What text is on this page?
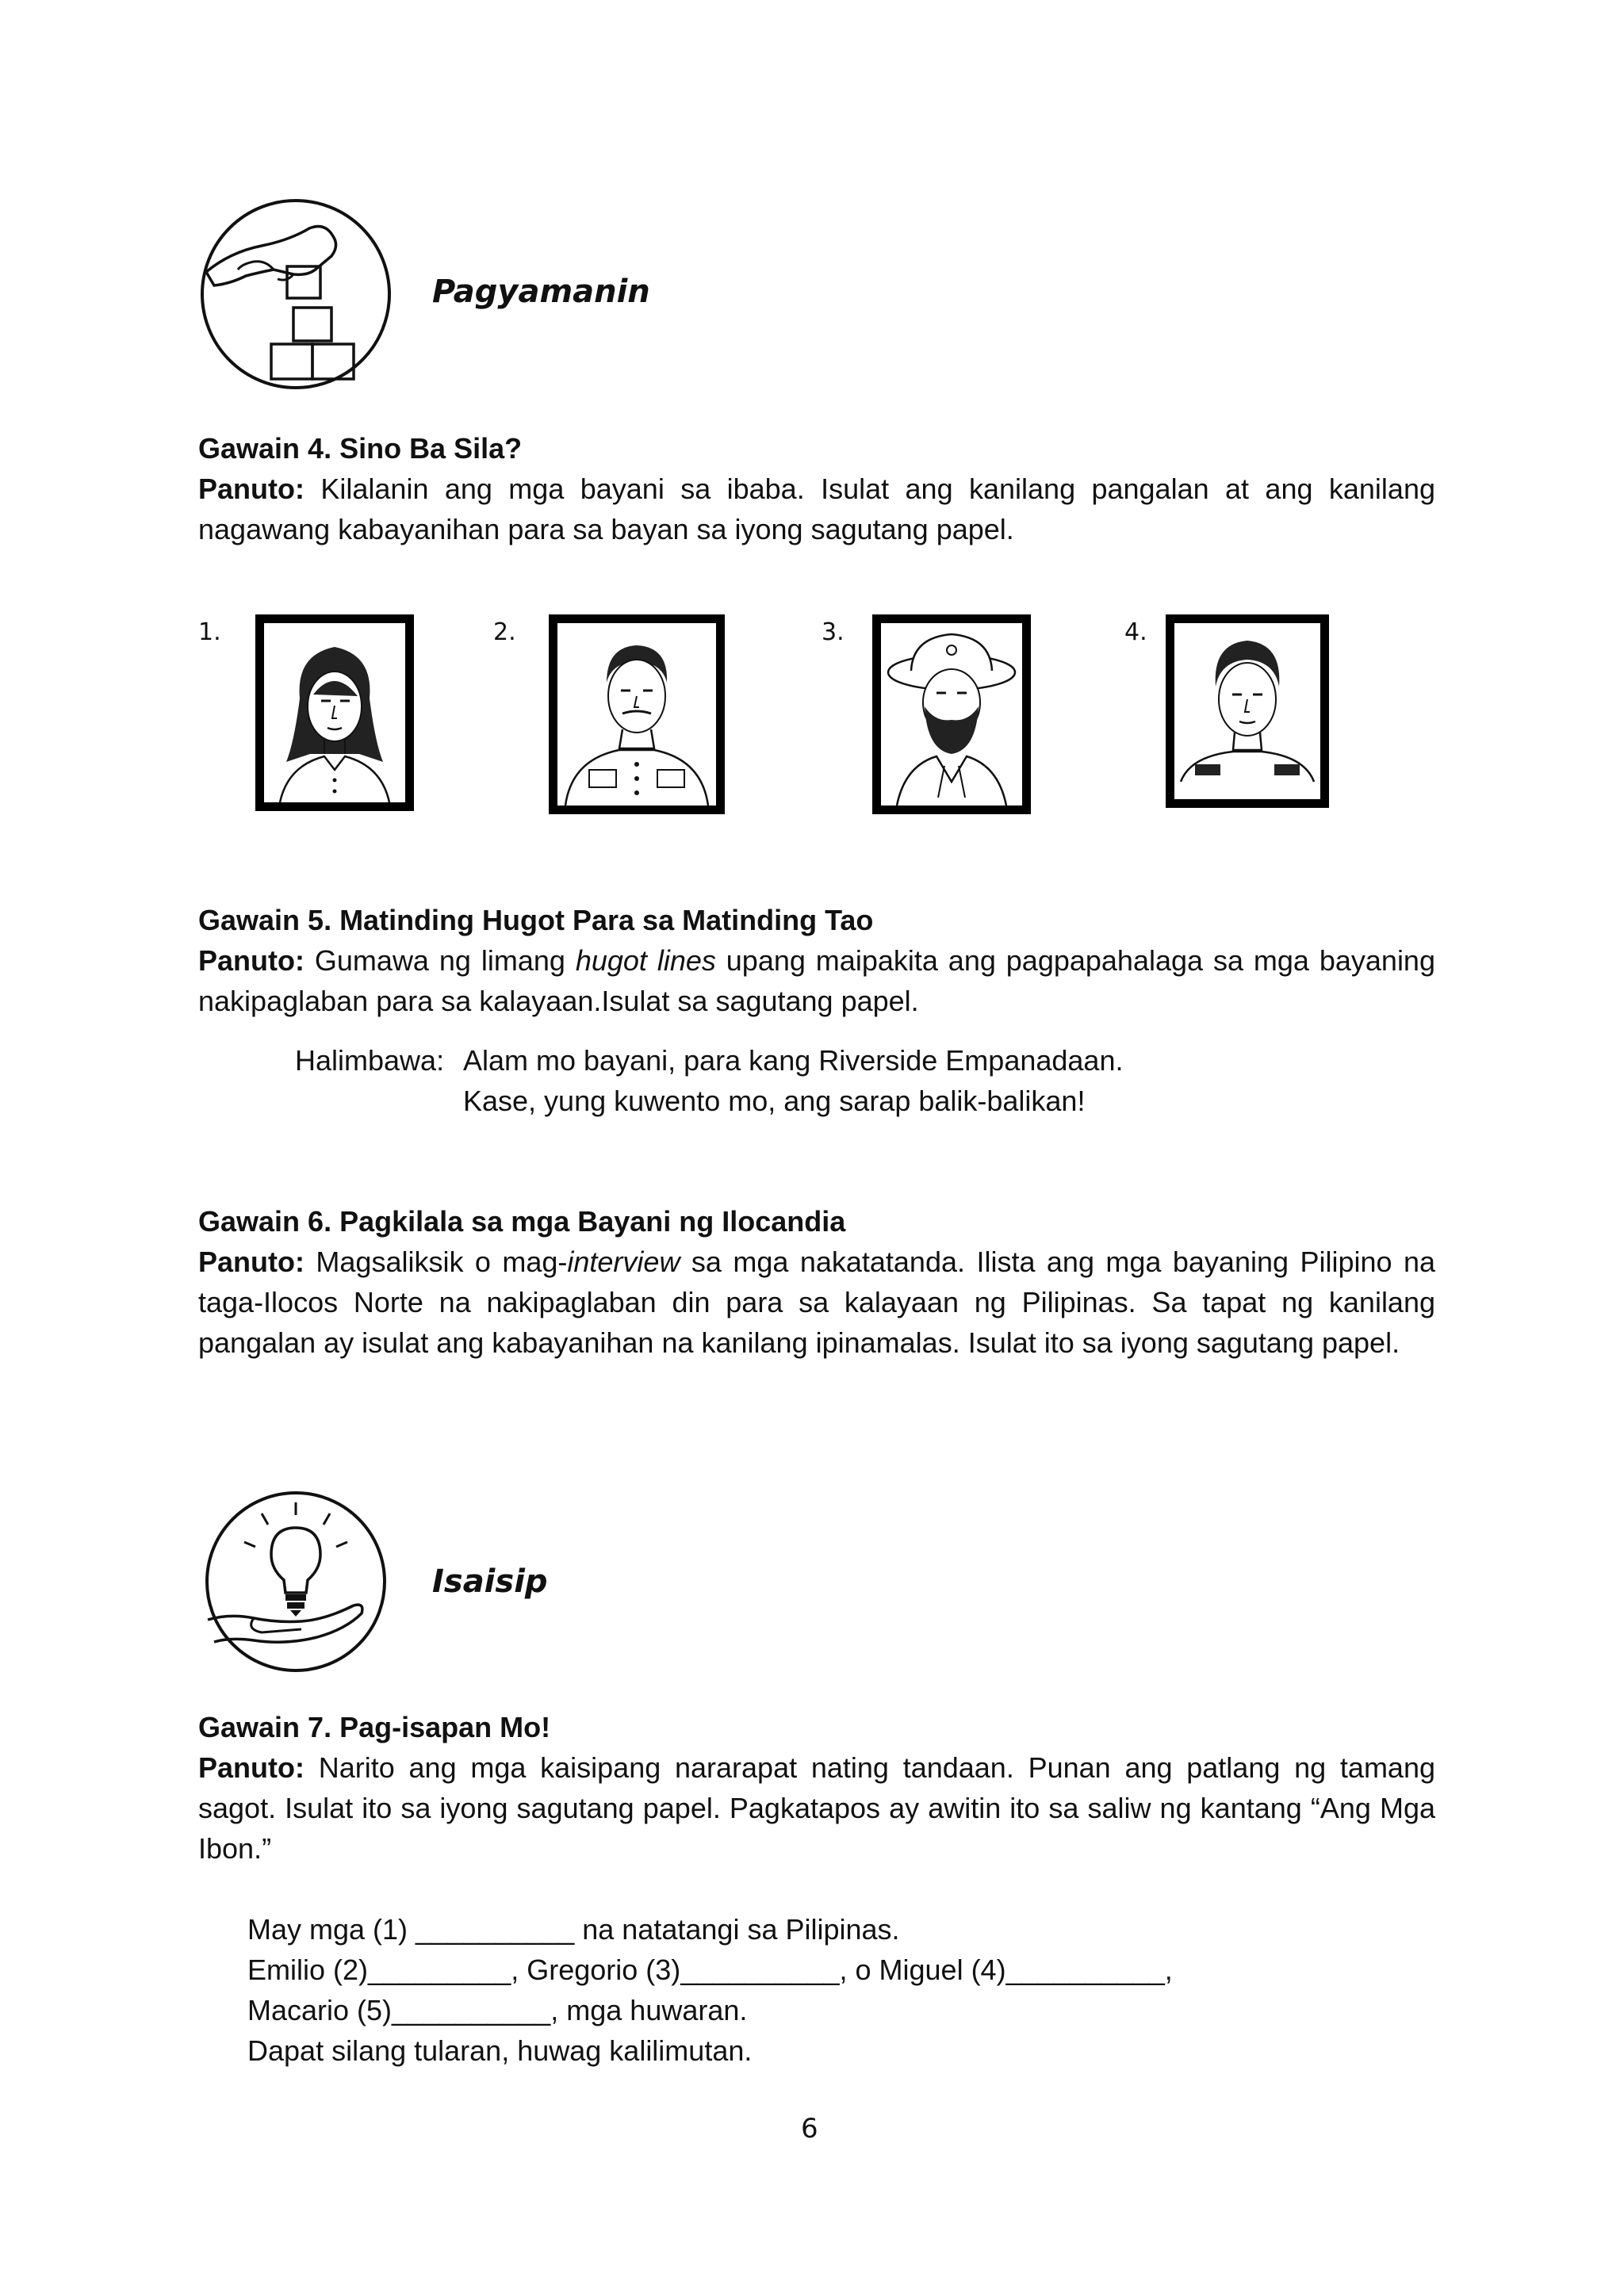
Pagyamanin
Gawain 4. Sino Ba Sila?

Panuto: Kilalanin ang mga bayani sa ibaba. Isulat ang kanilang pangalan at ang kanilang nagawang kabayanihan para sa bayan sa iyong sagutang papel.

1.	2.	3.	4.
Gawain 5. Matinding Hugot Para sa Matinding Tao

Panuto: Gumawa ng limang hugot lines upang maipakita ang pagpapahalaga sa mga bayaning nakipaglaban para sa kalayaan.Isulat sa sagutang papel.

Halimbawa: Alam mo bayani, para kang Riverside Empanadaan.
Kase, yung kuwento mo, ang sarap balik-balikan!
Gawain 6. Pagkilala sa mga Bayani ng Ilocandia

Panuto: Magsaliksik o mag-interview sa mga nakatatanda. Ilista ang mga bayaning Pilipino na taga-Ilocos Norte na nakipaglaban din para sa kalayaan ng Pilipinas. Sa tapat ng kanilang pangalan ay isulat ang kabayanihan na kanilang ipinamalas. Isulat ito sa iyong sagutang papel.

Isaisip
Gawain 7. Pag-isapan Mo!

Panuto: Narito ang mga kaisipang nararapat nating tandaan. Punan ang patlang ng tamang sagot. Isulat ito sa iyong sagutang papel. Pagkatapos ay awitin ito sa saliw ng kantang “Ang Mga Ibon.”

May mga (1) __________ na natatangi sa Pilipinas.
Emilio (2)_________, Gregorio (3)__________, o Miguel (4)__________,
Macario (5)__________, mga huwaran.
Dapat silang tularan, huwag kalilimutan.
6
